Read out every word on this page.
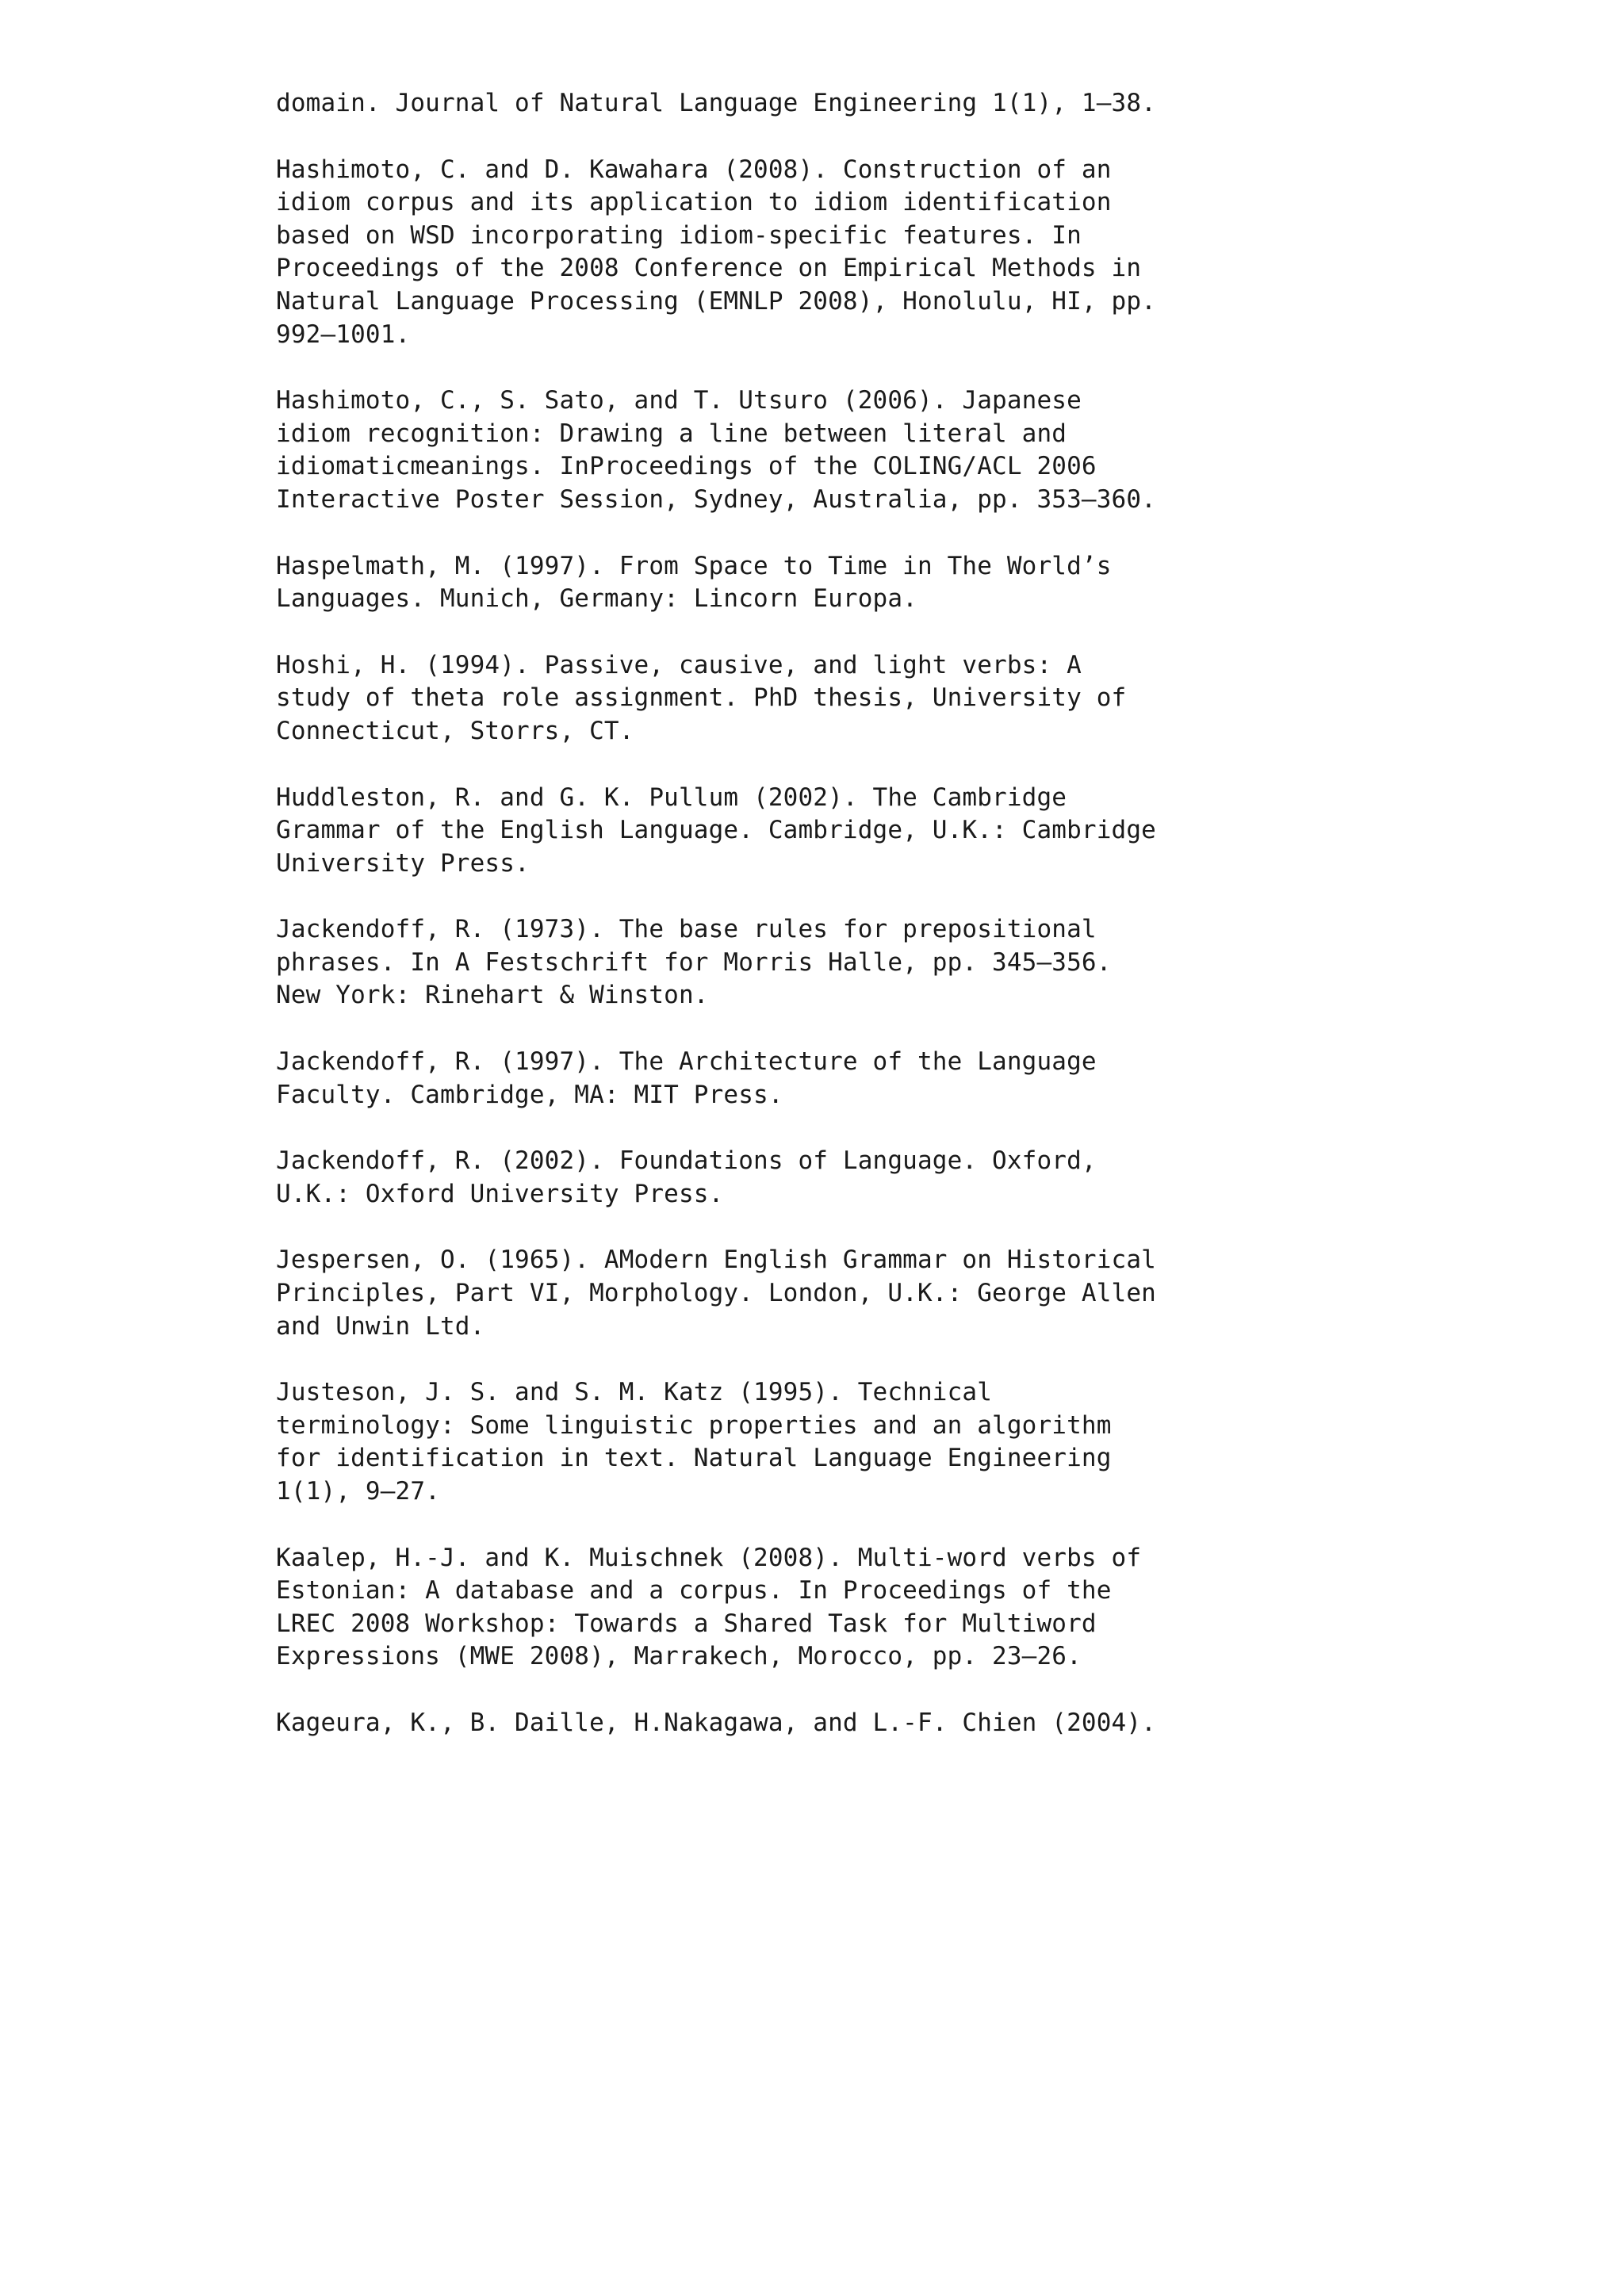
domain. Journal of Natural Language Engineering 1(1), 1–38.
Hashimoto, C. and D. Kawahara (2008). Construction of an
idiom corpus and its application to idiom identification
based on WSD incorporating idiom-specific features. In
Proceedings of the 2008 Conference on Empirical Methods in
Natural Language Processing (EMNLP 2008), Honolulu, HI, pp.
992–1001.
Hashimoto, C., S. Sato, and T. Utsuro (2006). Japanese
idiom recognition: Drawing a line between literal and
idiomaticmeanings. InProceedings of the COLING/ACL 2006
Interactive Poster Session, Sydney, Australia, pp. 353–360.
Haspelmath, M. (1997). From Space to Time in The World’s
Languages. Munich, Germany: Lincorn Europa.
Hoshi, H. (1994). Passive, causive, and light verbs: A
study of theta role assignment. PhD thesis, University of
Connecticut, Storrs, CT.
Huddleston, R. and G. K. Pullum (2002). The Cambridge
Grammar of the English Language. Cambridge, U.K.: Cambridge
University Press.
Jackendoff, R. (1973). The base rules for prepositional
phrases. In A Festschrift for Morris Halle, pp. 345–356.
New York: Rinehart & Winston.
Jackendoff, R. (1997). The Architecture of the Language
Faculty. Cambridge, MA: MIT Press.
Jackendoff, R. (2002). Foundations of Language. Oxford,
U.K.: Oxford University Press.
Jespersen, O. (1965). AModern English Grammar on Historical
Principles, Part VI, Morphology. London, U.K.: George Allen
and Unwin Ltd.
Justeson, J. S. and S. M. Katz (1995). Technical
terminology: Some linguistic properties and an algorithm
for identification in text. Natural Language Engineering
1(1), 9–27.
Kaalep, H.-J. and K. Muischnek (2008). Multi-word verbs of
Estonian: A database and a corpus. In Proceedings of the
LREC 2008 Workshop: Towards a Shared Task for Multiword
Expressions (MWE 2008), Marrakech, Morocco, pp. 23–26.
Kageura, K., B. Daille, H.Nakagawa, and L.-F. Chien (2004).
